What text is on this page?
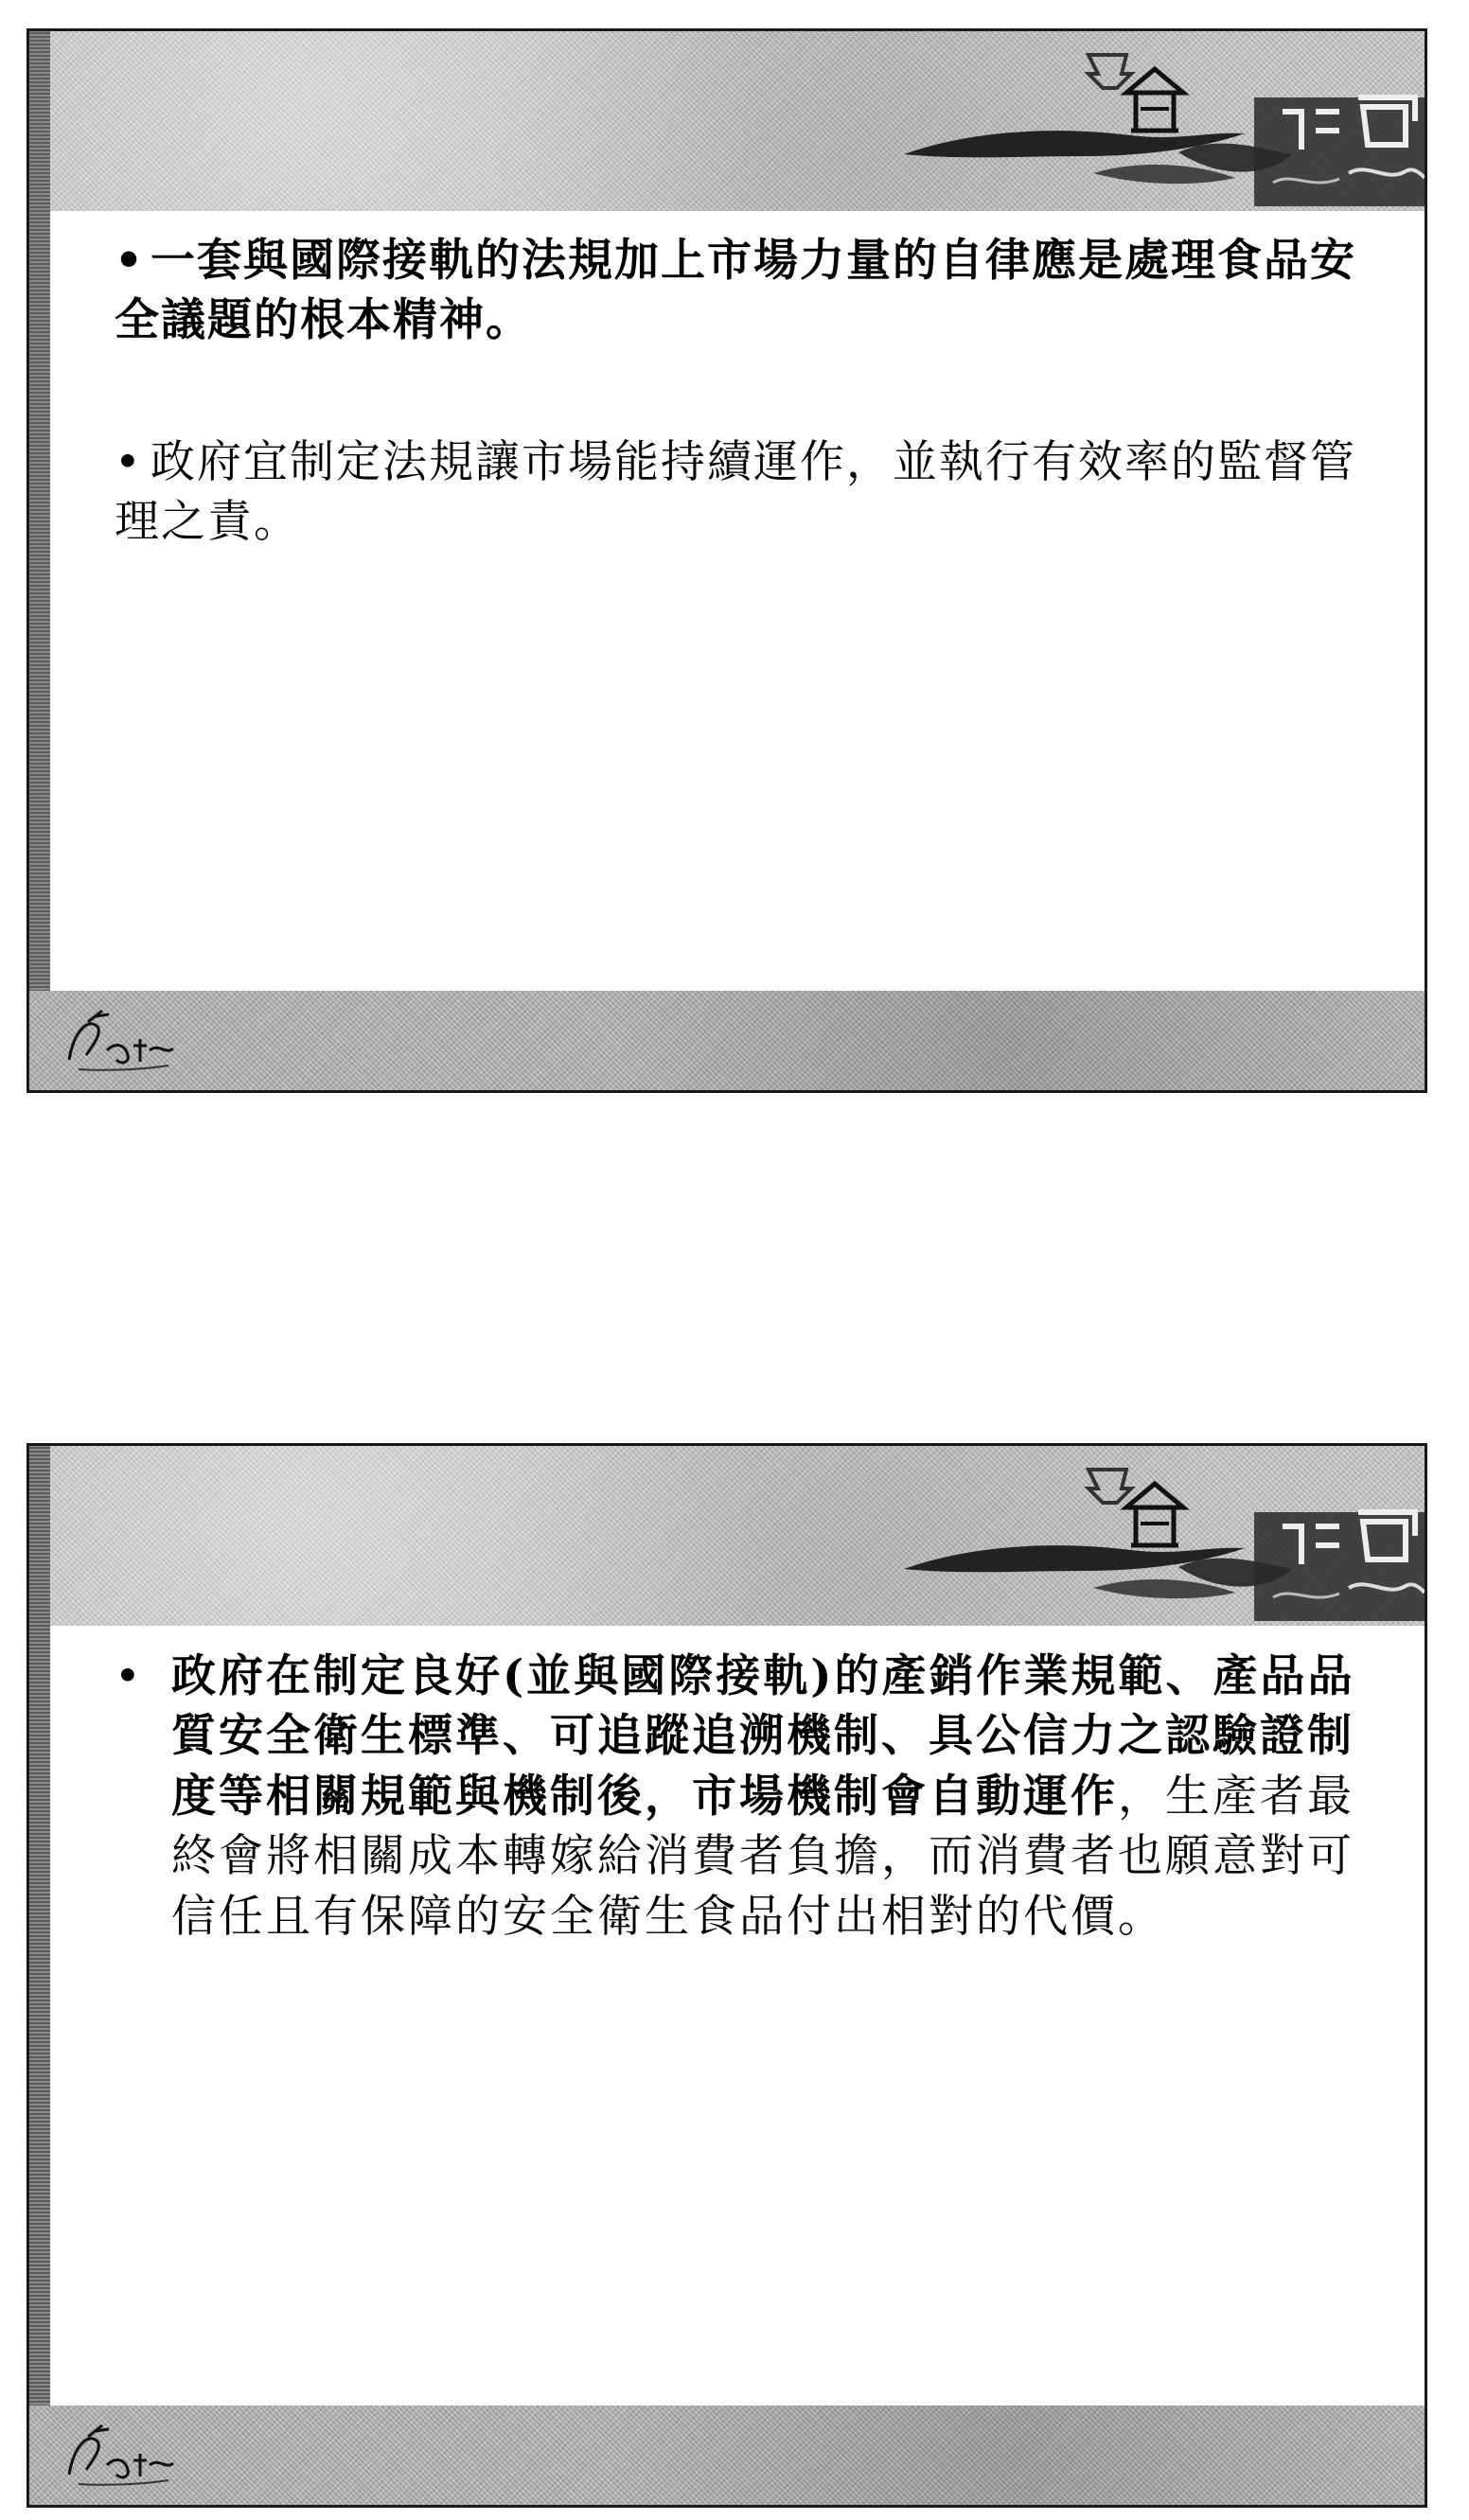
• 一套與國際接軌的法規加上市場力量的自律應是處理食品安全議題的根本精神。

• 政府宜制定法規讓市場能持續運作，並執行有效率的監督管理之責。

• 政府在制定良好(並與國際接軌)的產銷作業規範、產品品質安全衛生標準、可追蹤追溯機制、具公信力之認驗證制度等相關規範與機制後，市場機制會自動運作，生產者最終會將相關成本轉嫁給消費者負擔，而消費者也願意對可信任且有保障的安全衛生食品付出相對的代價。
